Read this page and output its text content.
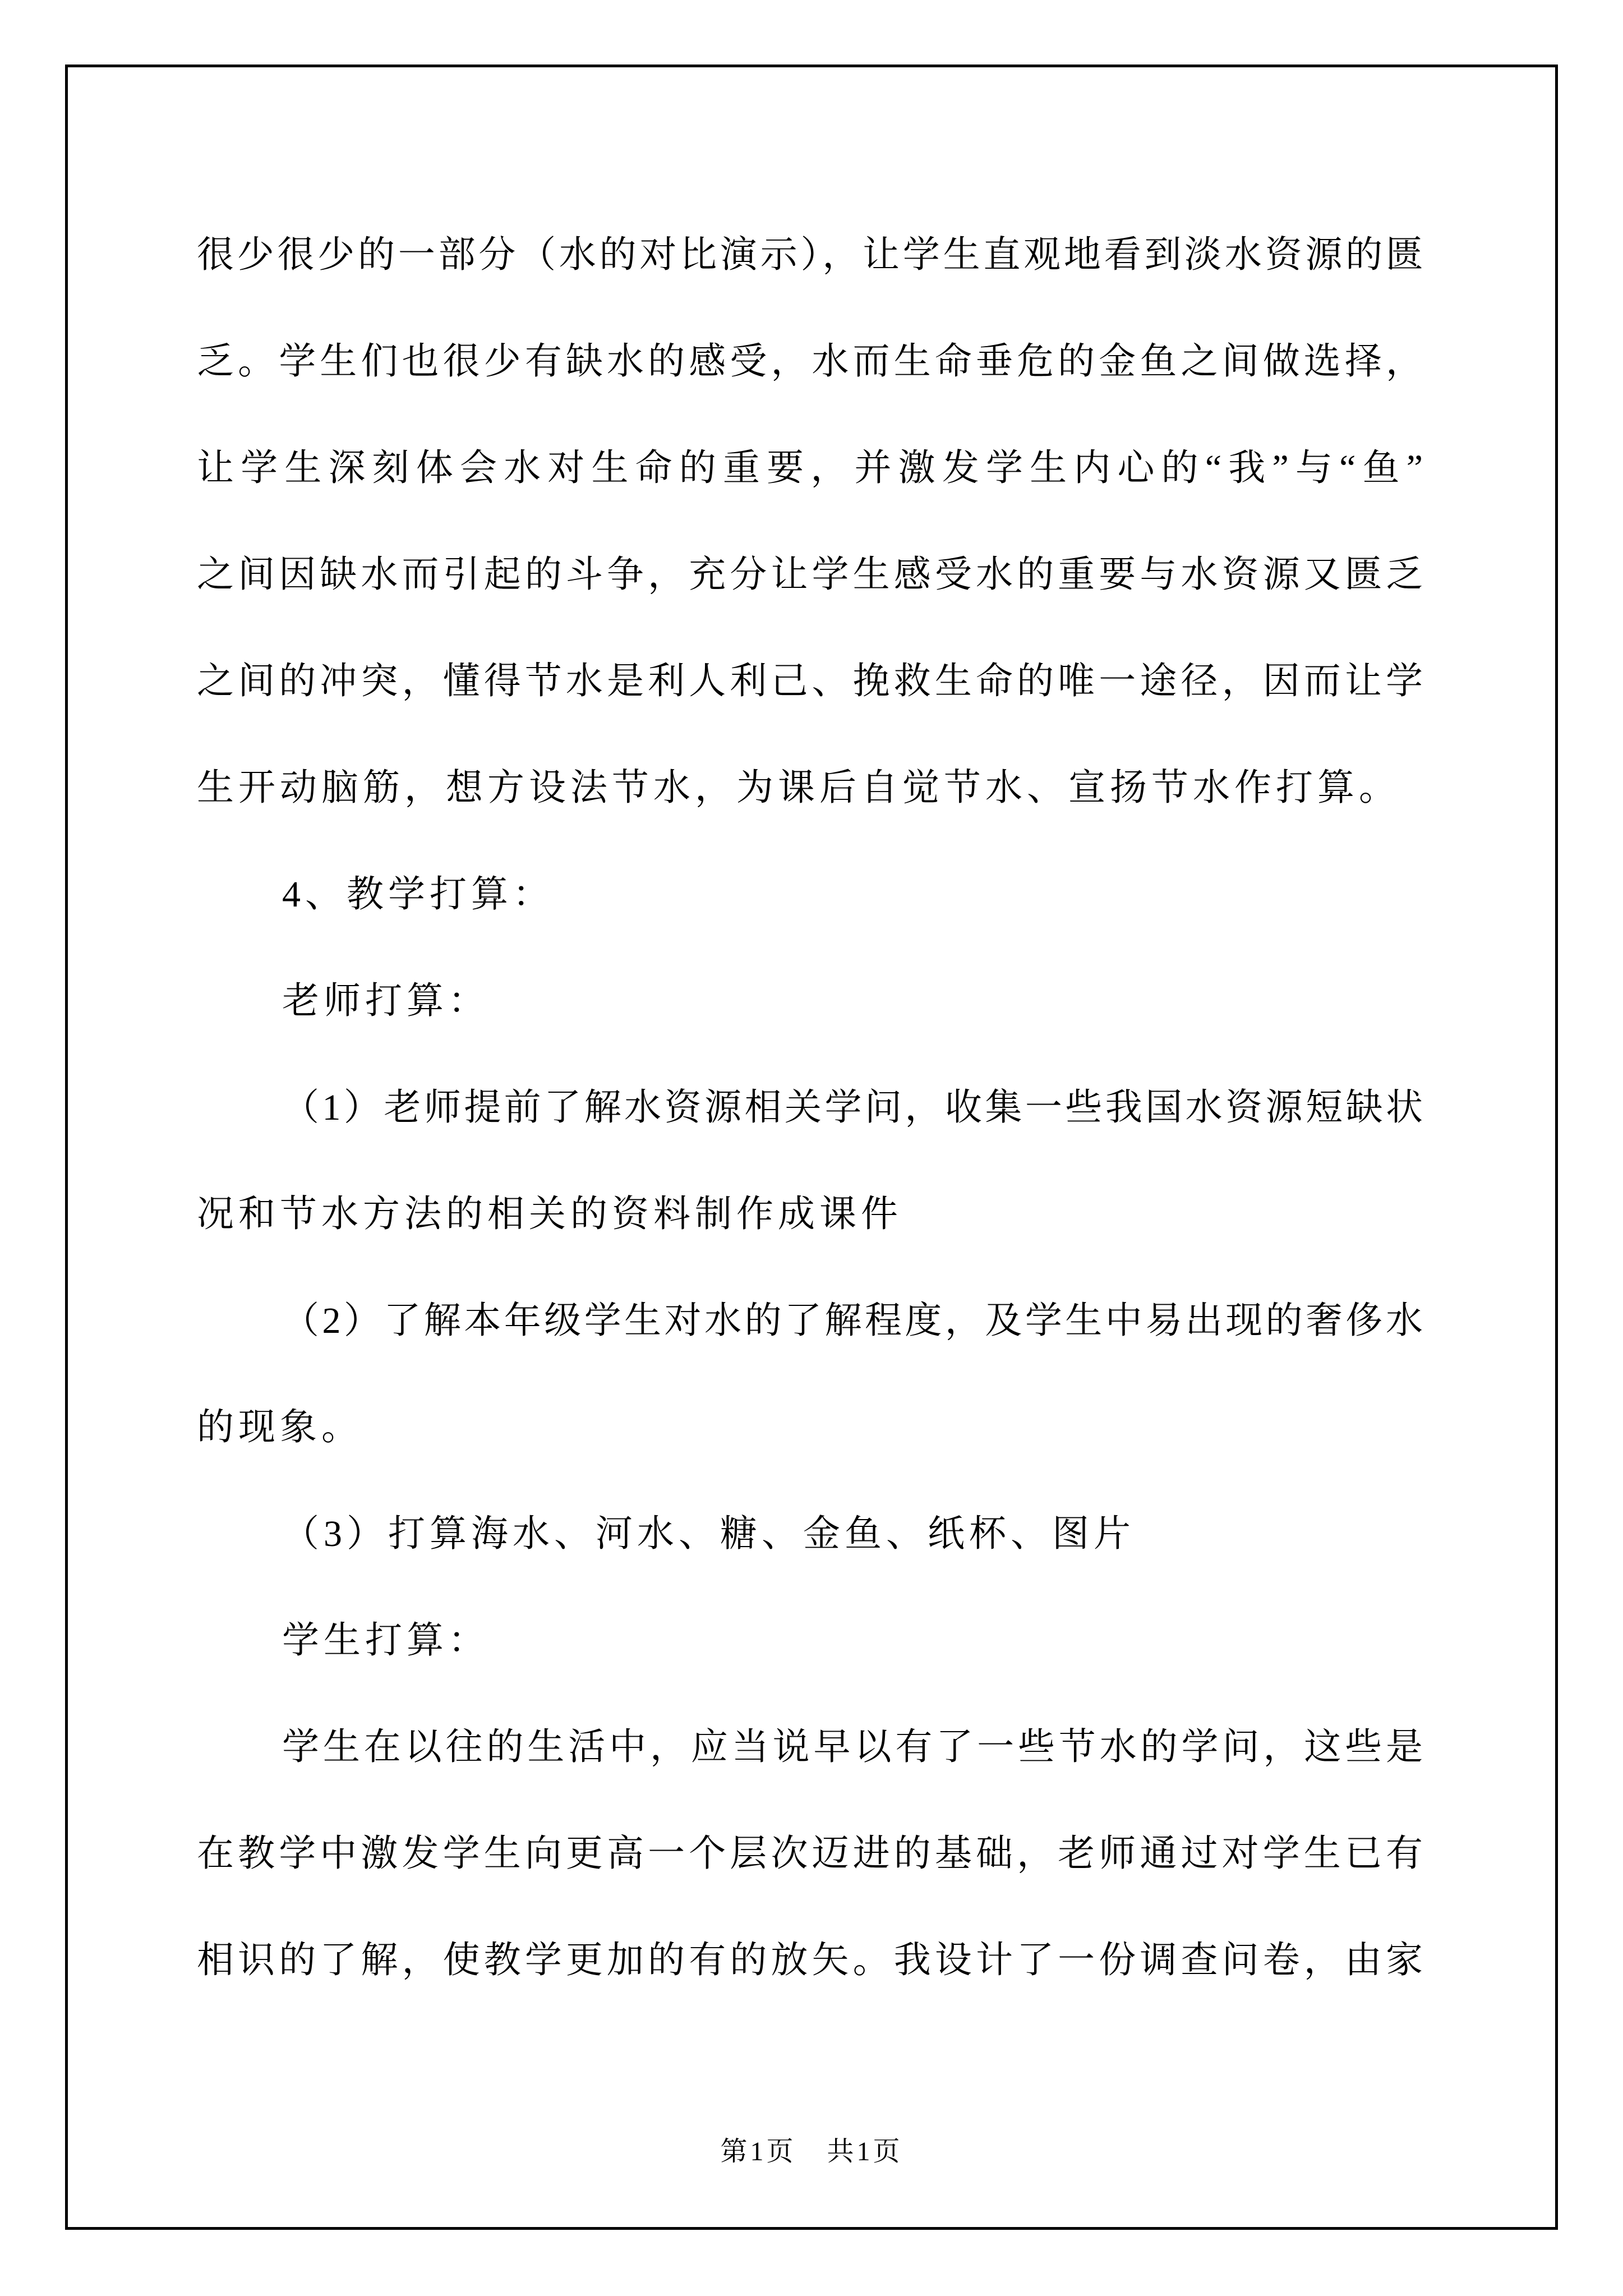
很少很少的一部分（水的对比演示），让学生直观地看到淡水资源的匮
乏。学生们也很少有缺水的感受，水而生命垂危的金鱼之间做选择，
让学生深刻体会水对生命的重要，并激发学生内心的“我”与“鱼”
之间因缺水而引起的斗争，充分让学生感受水的重要与水资源又匮乏
之间的冲突，懂得节水是利人利己、挽救生命的唯一途径，因而让学
生开动脑筋，想方设法节水，为课后自觉节水、宣扬节水作打算。
4、教学打算：
老师打算：
（1）老师提前了解水资源相关学问，收集一些我国水资源短缺状
况和节水方法的相关的资料制作成课件
（2）了解本年级学生对水的了解程度，及学生中易出现的奢侈水
的现象。
（3）打算海水、河水、糖、金鱼、纸杯、图片
学生打算：
学生在以往的生活中，应当说早以有了一些节水的学问，这些是
在教学中激发学生向更高一个层次迈进的基础，老师通过对学生已有
相识的了解，使教学更加的有的放矢。我设计了一份调查问卷，由家
第1页 共1页
